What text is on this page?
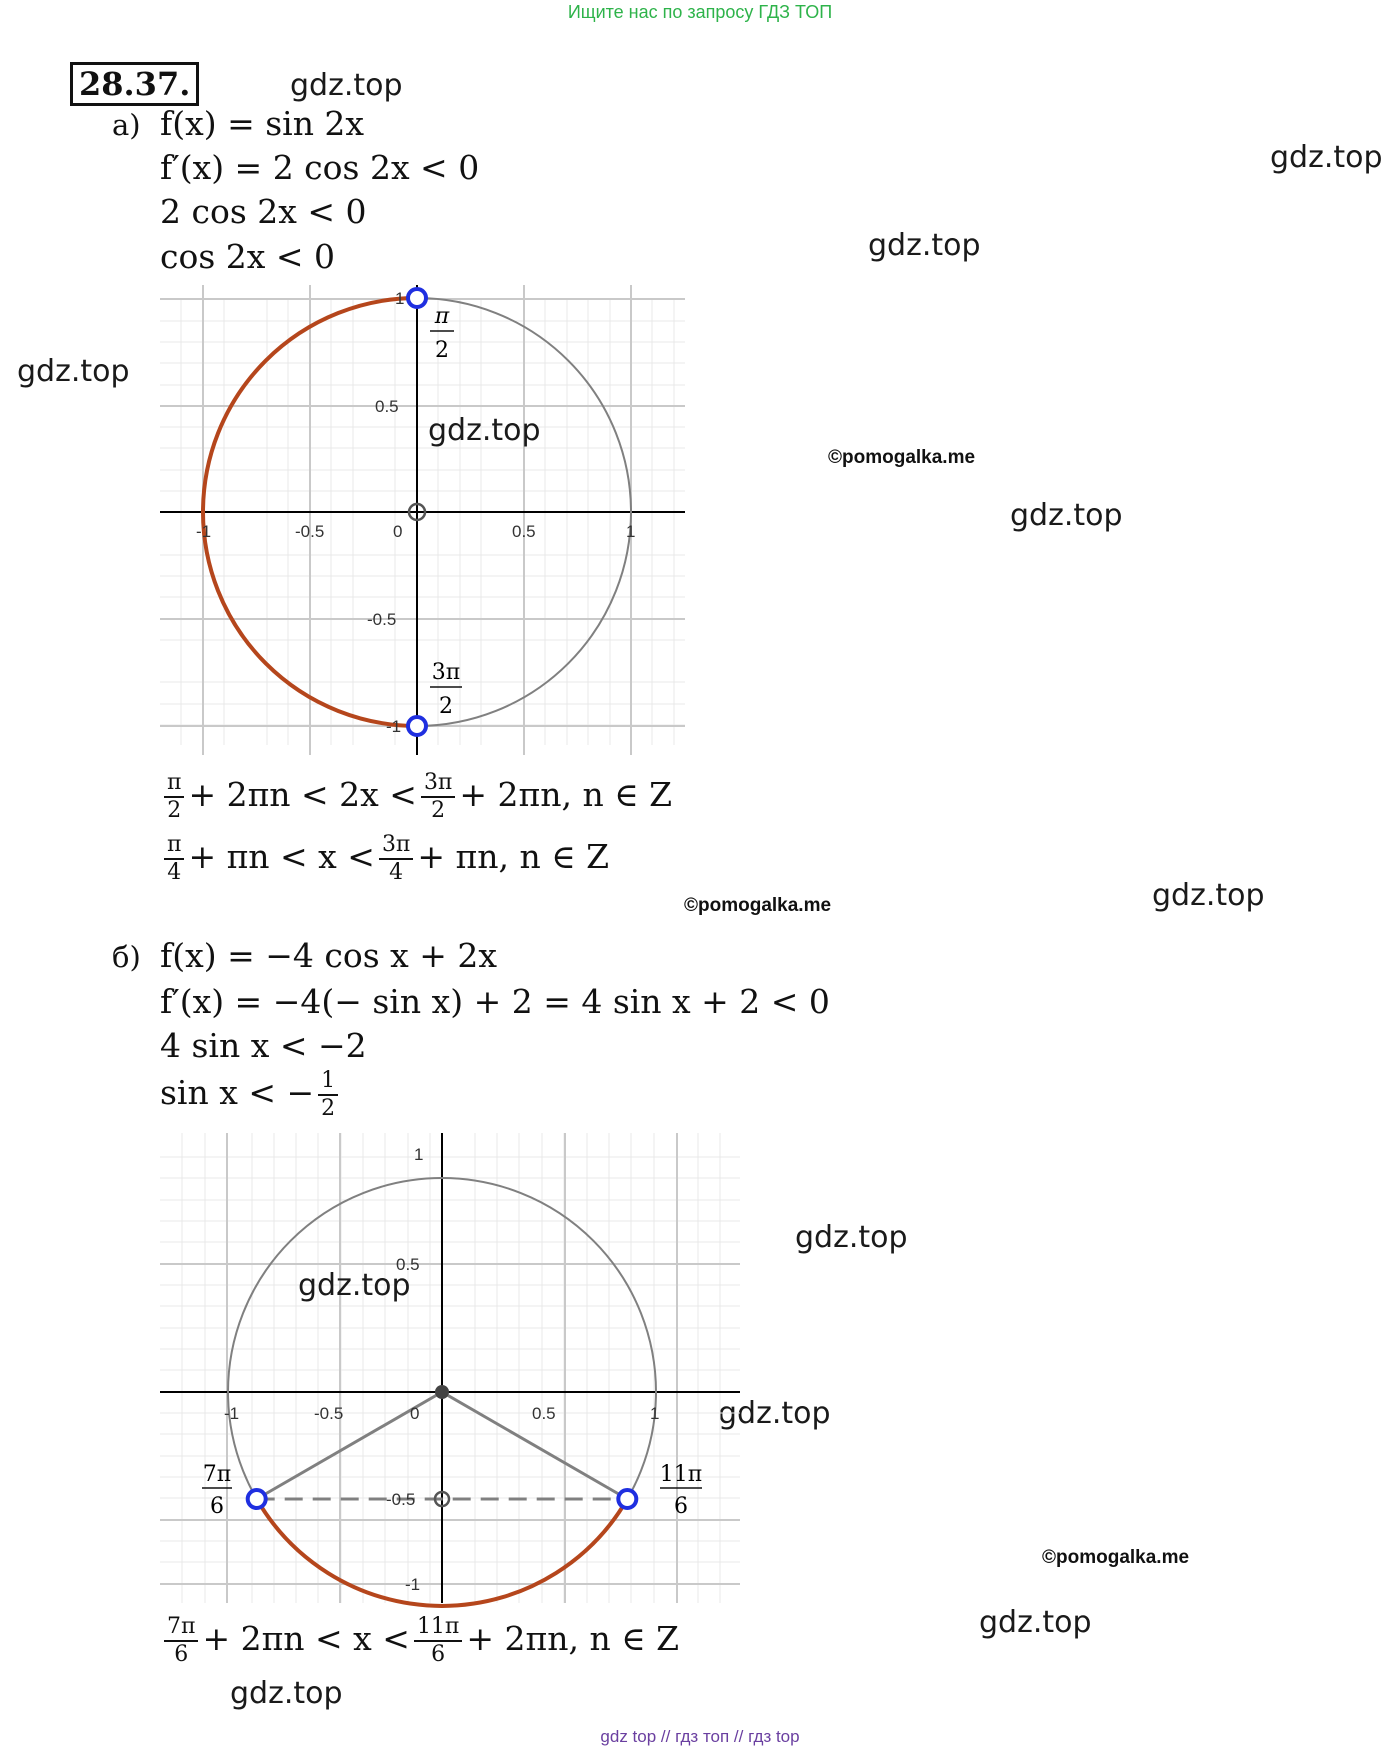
Ищите нас по запросу ГДЗ ТОП
28.37.	gdz.top
gdz.top
gdz.top
gdz.top
gdz.top
gdz.top
gdz.top
gdz.top
gdz.top
gdz.top
©pomogalka.me
©pomogalka.me
©pomogalka.me
а) f(x) = sin 2x
f′(x) = 2 cos 2x < 0
2 cos 2x < 0
cos 2x < 0
-1	-0.5	0	0.5	1
0.5
-0.5
1
-1
π
2
3π
2
gdz.top
$\frac{\pi}{2} + 2\pi n < 2x < \frac{3\pi}{2} + 2\pi n$, n ∈ Z
$\frac{\pi}{4} + \pi n < x < \frac{3\pi}{4} + \pi n$, n ∈ Z
б) f(x) = −4 cos x + 2x
f′(x) = −4(− sin x) + 2 = 4 sin x + 2 < 0
4 sin x < −2
sin x < − $\frac{1}{2}$
-1	-0.5	0	0.5	1
1
0.5
-0.5
-1
7π
6
11π
6
gdz.top
$\frac{7\pi}{6} + 2\pi n < x < \frac{11\pi}{6} + 2\pi n$, n ∈ Z
gdz top // гдз топ // гдз top
